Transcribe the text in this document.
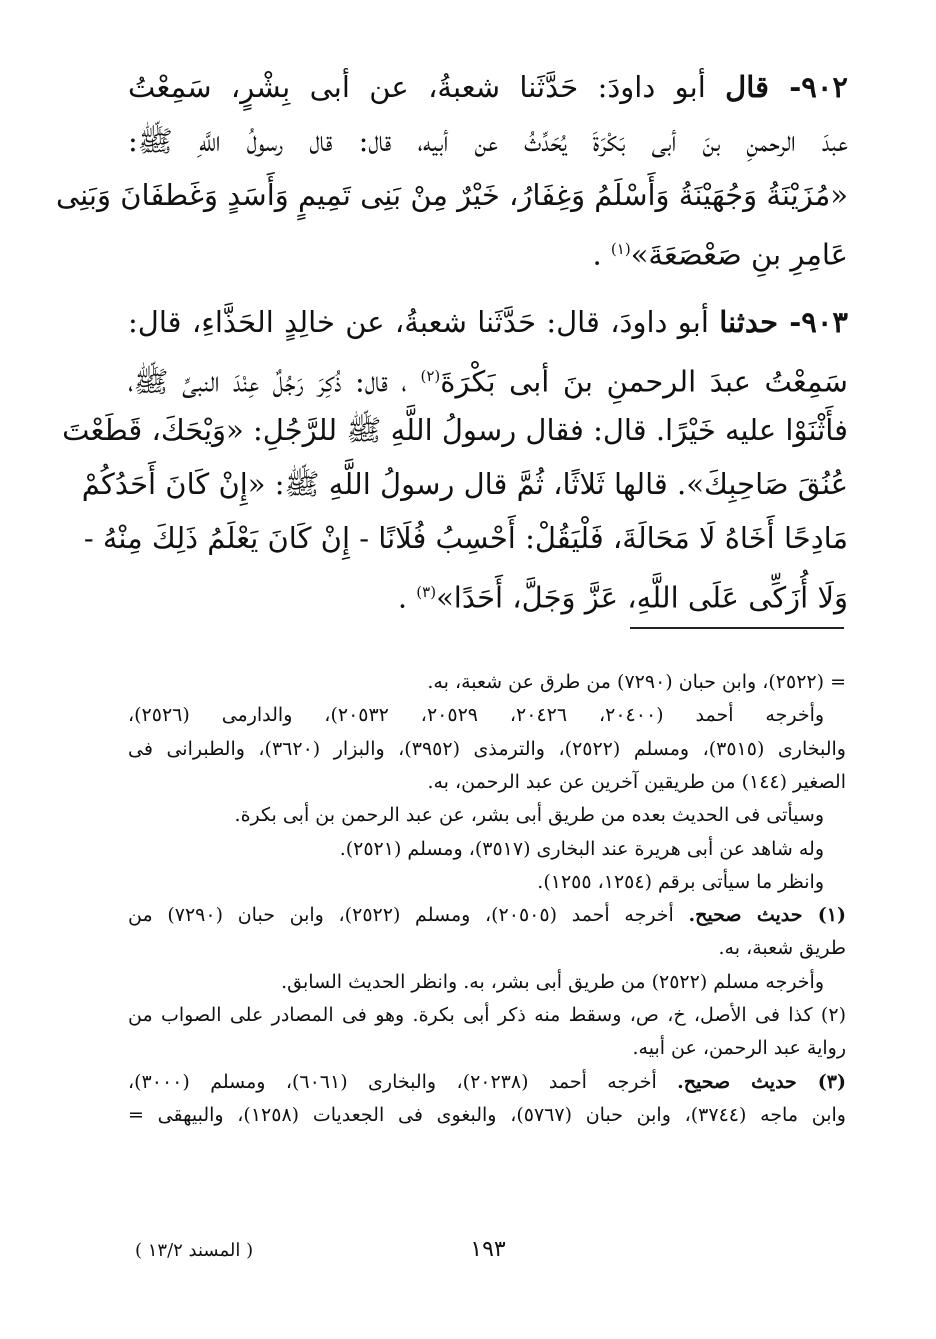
٩٠٢- قال أبو داودَ: حَدَّثَنا شعبةُ، عن أبى بِشْرٍ، سَمِعْتُ
عبدَ الرحمنِ بنَ أبى بَكْرَةَ يُحَدِّثُ عن أبيه، قال: قال رسولُ اللَّهِ ﷺ:
«مُزَيْنَةُ وَجُهَيْنَةُ وَأَسْلَمُ وَغِفَارُ، خَيْرٌ مِنْ بَنِى تَمِيمٍ وَأَسَدٍ وَغَطفَانَ وَبَنِى
عَامِرِ بنِ صَعْصَعَةَ»$^{(١)}$ .
٩٠٣- حدثنا أبو داودَ، قال: حَدَّثَنا شعبةُ، عن خالِدٍ الحَذَّاءِ، قال:
سَمِعْتُ عبدَ الرحمنِ بنَ أبى بَكْرَةَ$^{(٢)}$ ، قال: ذُكِرَ رَجُلٌ عِنْدَ النبىِّ ﷺ،
فأَثْنَوْا عليه خَيْرًا. قال: فقال رسولُ اللَّهِ ﷺ للرَّجُلِ: «وَيْحَكَ، قَطَعْتَ
عُنُقَ صَاحِبِكَ». قالها ثَلاثًا، ثُمَّ قال رسولُ اللَّهِ ﷺ: «إِنْ كَانَ أَحَدُكُمْ
مَادِحًا أَخَاهُ لَا مَحَالَةَ، فَلْيَقُلْ: أَحْسِبُ فُلَانًا - إِنْ كَانَ يَعْلَمُ ذَلِكَ مِنْهُ -
وَلَا أُزَكِّى عَلَى اللَّهِ، عَزَّ وَجَلَّ، أَحَدًا»$^{(٣)}$ .
= (٢٥٢٢)، وابن حبان (٧٢٩٠) من طرق عن شعبة، به.
وأخرجه أحمد (٢٠٤٠٠، ٢٠٤٢٦، ٢٠٥٢٩، ٢٠٥٣٢)، والدارمى (٢٥٢٦)،
والبخارى (٣٥١٥)، ومسلم (٢٥٢٢)، والترمذى (٣٩٥٢)، والبزار (٣٦٢٠)، والطبرانى فى
الصغير (١٤٤) من طريقين آخرين عن عبد الرحمن، به.
وسيأتى فى الحديث بعده من طريق أبى بشر، عن عبد الرحمن بن أبى بكرة.
وله شاهد عن أبى هريرة عند البخارى (٣٥١٧)، ومسلم (٢٥٢١).
وانظر ما سيأتى برقم (١٢٥٤، ١٢٥٥).
(١) حديث صحيح. أخرجه أحمد (٢٠٥٠٥)، ومسلم (٢٥٢٢)، وابن حبان (٧٢٩٠) من
طريق شعبة، به.
وأخرجه مسلم (٢٥٢٢) من طريق أبى بشر، به. وانظر الحديث السابق.
(٢) كذا فى الأصل، خ، ص، وسقط منه ذكر أبى بكرة. وهو فى المصادر على الصواب من
رواية عبد الرحمن، عن أبيه.
(٣) حديث صحيح. أخرجه أحمد (٢٠٢٣٨)، والبخارى (٦٠٦١)، ومسلم (٣٠٠٠)،
وابن ماجه (٣٧٤٤)، وابن حبان (٥٧٦٧)، والبغوى فى الجعديات (١٢٥٨)، والبيهقى =
١٩٣
( المسند ١٣/٢ )
